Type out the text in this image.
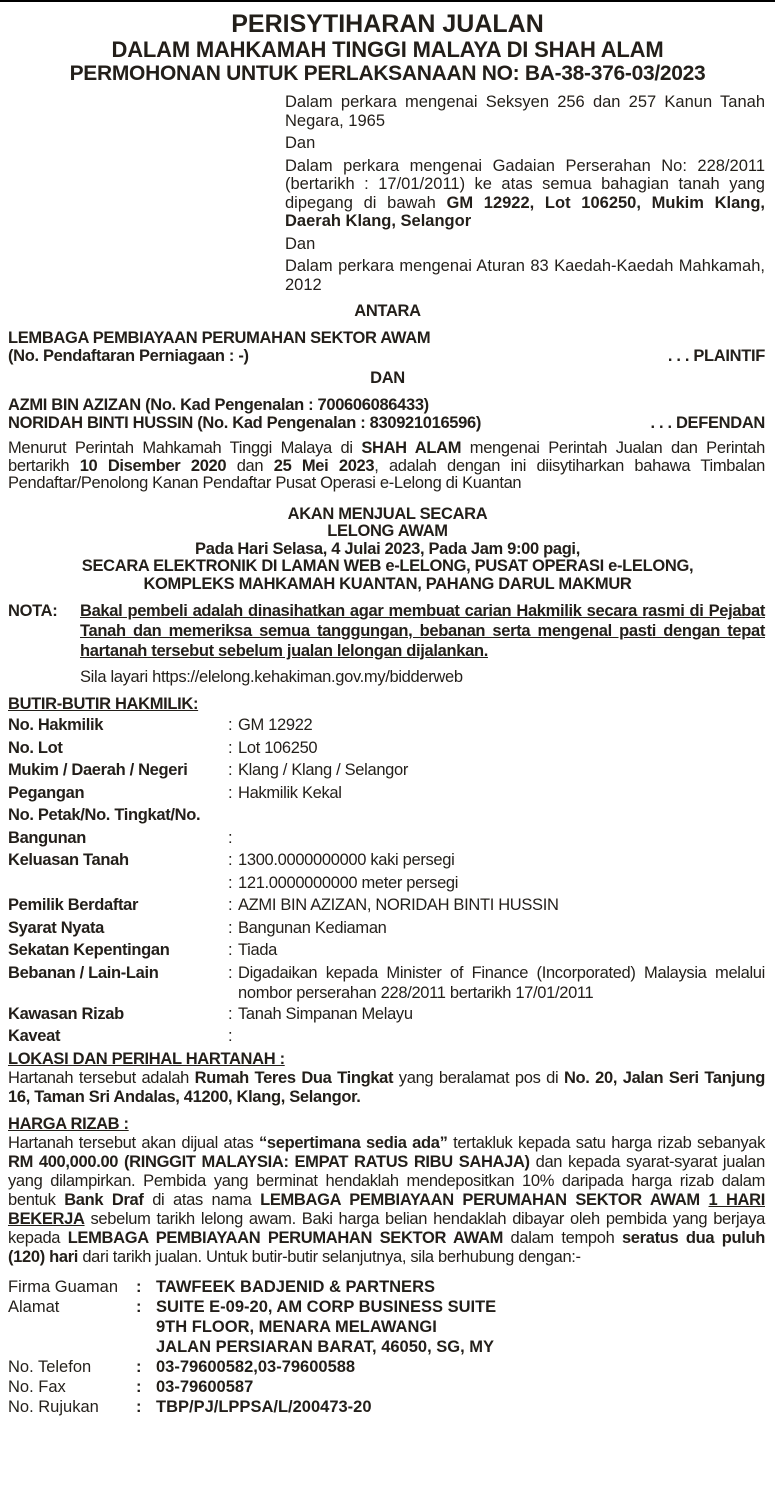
PERISYTIHARAN JUALAN
DALAM MAHKAMAH TINGGI MALAYA DI SHAH ALAM
PERMOHONAN UNTUK PERLAKSANAAN NO: BA-38-376-03/2023

Dalam perkara mengenai Seksyen 256 dan 257 Kanun Tanah Negara, 1965

Dan

Dalam perkara mengenai Gadaian Perserahan No: 228/2011 (bertarikh : 17/01/2011) ke atas semua bahagian tanah yang dipegang di bawah GM 12922, Lot 106250, Mukim Klang, Daerah Klang, Selangor

Dan

Dalam perkara mengenai Aturan 83 Kaedah-Kaedah Mahkamah, 2012

ANTARA
LEMBAGA PEMBIAYAAN PERUMAHAN SEKTOR AWAM
(No. Pendaftaran Perniagaan : -)	. . . PLAINTIF
DAN
AZMI BIN AZIZAN (No. Kad Pengenalan : 700606086433)
NORIDAH BINTI HUSSIN (No. Kad Pengenalan : 830921016596)	. . . DEFENDAN
Menurut Perintah Mahkamah Tinggi Malaya di SHAH ALAM mengenai Perintah Jualan dan Perintah bertarikh 10 Disember 2020 dan 25 Mei 2023, adalah dengan ini diisytiharkan bahawa Timbalan Pendaftar/Penolong Kanan Pendaftar Pusat Operasi e-Lelong di Kuantan
AKAN MENJUAL SECARA
LELONG AWAM
Pada Hari Selasa, 4 Julai 2023, Pada Jam 9:00 pagi,
SECARA ELEKTRONIK DI LAMAN WEB e-LELONG, PUSAT OPERASI e-LELONG,
KOMPLEKS MAHKAMAH KUANTAN, PAHANG DARUL MAKMUR
NOTA:	Bakal pembeli adalah dinasihatkan agar membuat carian Hakmilik secara rasmi di Pejabat Tanah dan memeriksa semua tanggungan, bebanan serta mengenal pasti dengan tepat hartanah tersebut sebelum jualan lelongan dijalankan.
Sila layari https://elelong.kehakiman.gov.my/bidderweb
BUTIR-BUTIR HAKMILIK:
No. Hakmilik	:	GM 12922
No. Lot	:	Lot 106250
Mukim / Daerah / Negeri	:	Klang / Klang / Selangor
Pegangan	:	Hakmilik Kekal
No. Petak/No. Tingkat/No. Bangunan	:	
Keluasan Tanah	:	1300.0000000000 kaki persegi
	:	121.0000000000 meter persegi
Pemilik Berdaftar	:	AZMI BIN AZIZAN, NORIDAH BINTI HUSSIN
Syarat Nyata	:	Bangunan Kediaman
Sekatan Kepentingan	:	Tiada
Bebanan / Lain-Lain	:	Digadaikan kepada Minister of Finance (Incorporated) Malaysia melalui nombor perserahan 228/2011 bertarikh 17/01/2011
Kawasan Rizab	:	Tanah Simpanan Melayu
Kaveat	:	
LOKASI DAN PERIHAL HARTANAH :
Hartanah tersebut adalah Rumah Teres Dua Tingkat yang beralamat pos di No. 20, Jalan Seri Tanjung 16, Taman Sri Andalas, 41200, Klang, Selangor.
HARGA RIZAB :
Hartanah tersebut akan dijual atas “sepertimana sedia ada” tertakluk kepada satu harga rizab sebanyak RM 400,000.00 (RINGGIT MALAYSIA: EMPAT RATUS RIBU SAHAJA) dan kepada syarat-syarat jualan yang dilampirkan. Pembida yang berminat hendaklah mendepositkan 10% daripada harga rizab dalam bentuk Bank Draf di atas nama LEMBAGA PEMBIAYAAN PERUMAHAN SEKTOR AWAM 1 HARI BEKERJA sebelum tarikh lelong awam. Baki harga belian hendaklah dibayar oleh pembida yang berjaya kepada LEMBAGA PEMBIAYAAN PERUMAHAN SEKTOR AWAM dalam tempoh seratus dua puluh (120) hari dari tarikh jualan. Untuk butir-butir selanjutnya, sila berhubung dengan:-
Firma Guaman	:	TAWFEEK BADJENID & PARTNERS
Alamat	:	SUITE E-09-20, AM CORP BUSINESS SUITE
		9TH FLOOR, MENARA MELAWANGI
		JALAN PERSIARAN BARAT, 46050, SG, MY
No. Telefon	:	03-79600582,03-79600588
No. Fax	:	03-79600587
No. Rujukan	:	TBP/PJ/LPPSA/L/200473-20
